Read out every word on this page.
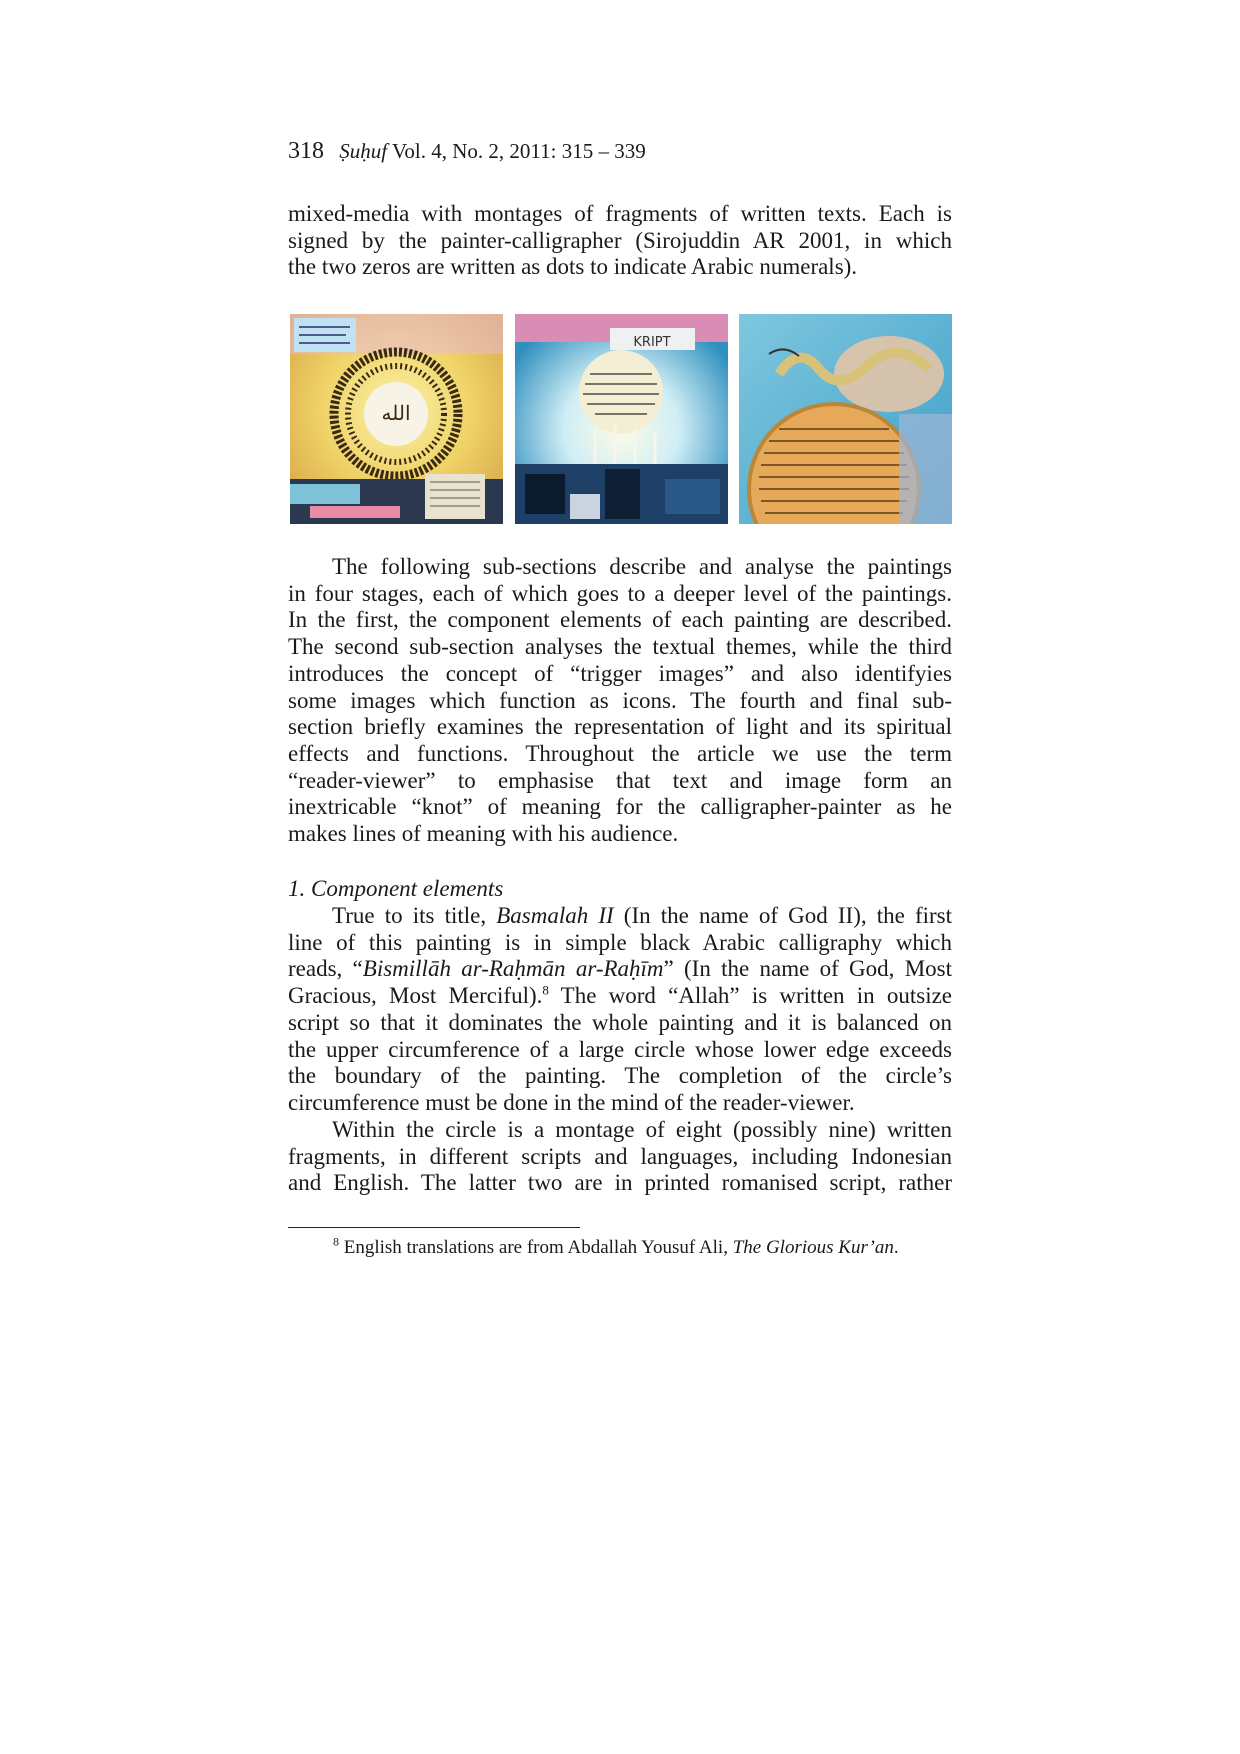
318 Ṣuḥuf Vol. 4, No. 2, 2011: 315 – 339
mixed-media with montages of fragments of written texts. Each is
signed by the painter-calligrapher (Sirojuddin AR 2001, in which
the two zeros are written as dots to indicate Arabic numerals).
الله
KRIPT
The following sub-sections describe and analyse the paintings
in four stages, each of which goes to a deeper level of the paintings.
In the first, the component elements of each painting are described.
The second sub-section analyses the textual themes, while the third
introduces the concept of “trigger images” and also identifyies
some images which function as icons. The fourth and final sub-
section briefly examines the representation of light and its spiritual
effects and functions. Throughout the article we use the term
“reader-viewer” to emphasise that text and image form an
inextricable “knot” of meaning for the calligrapher-painter as he
makes lines of meaning with his audience.
1. Component elements
True to its title, Basmalah II (In the name of God II), the first
line of this painting is in simple black Arabic calligraphy which
reads, “Bismillāh ar-Raḥmān ar-Raḥīm” (In the name of God, Most
Gracious, Most Merciful).$^8$ The word “Allah” is written in outsize
script so that it dominates the whole painting and it is balanced on
the upper circumference of a large circle whose lower edge exceeds
the boundary of the painting. The completion of the circle’s
circumference must be done in the mind of the reader-viewer.
Within the circle is a montage of eight (possibly nine) written
fragments, in different scripts and languages, including Indonesian
and English. The latter two are in printed romanised script, rather
$^8$ English translations are from Abdallah Yousuf Ali, The Glorious Kur’an.
